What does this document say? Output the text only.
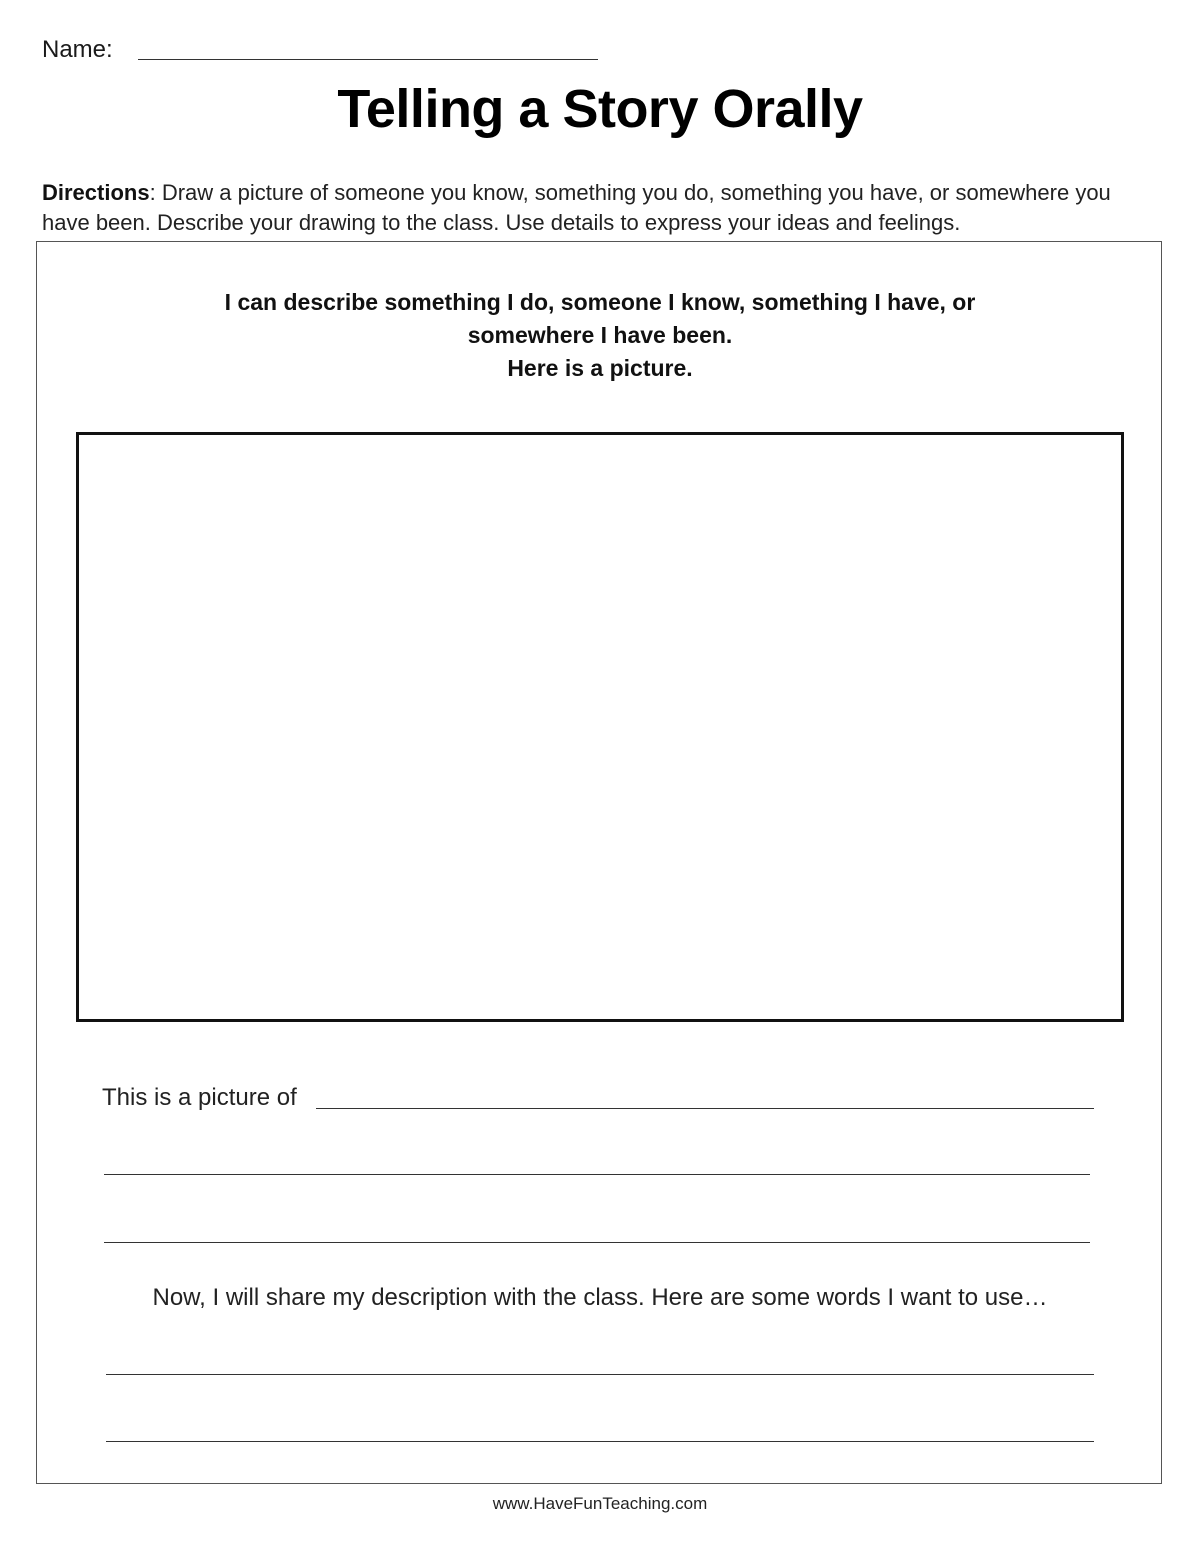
Name:
Telling a Story Orally
Directions: Draw a picture of someone you know, something you do, something you have, or somewhere you have been. Describe your drawing to the class. Use details to express your ideas and feelings.
I can describe something I do, someone I know, something I have, or
somewhere I have been.
Here is a picture.
This is a picture of
Now, I will share my description with the class. Here are some words I want to use…
www.HaveFunTeaching.com
